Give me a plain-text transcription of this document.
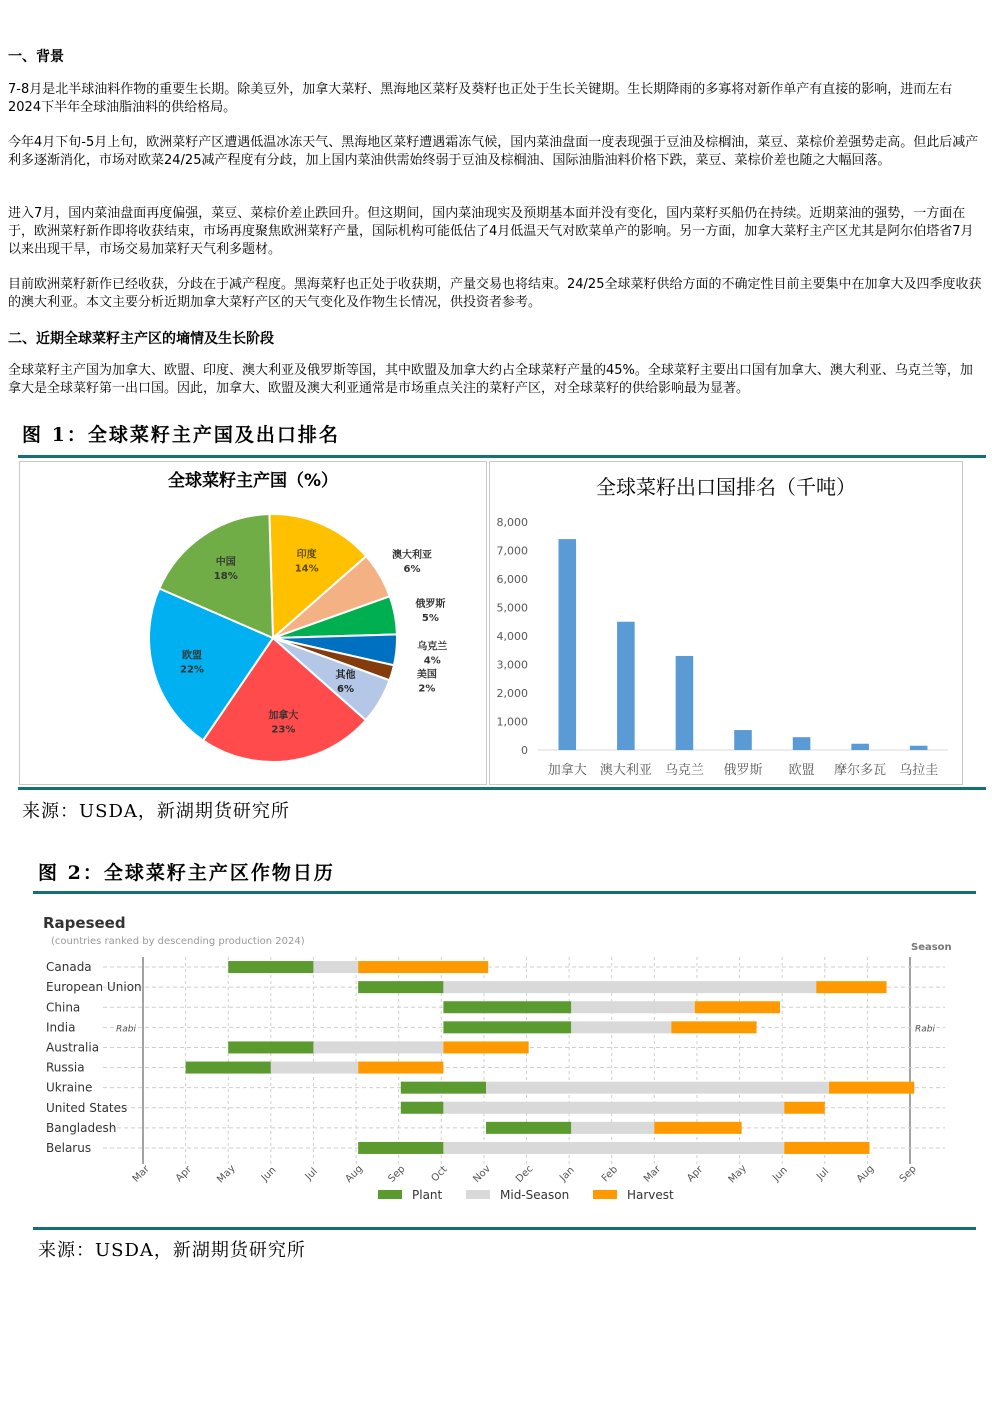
一、背景

7-8月是北半球油料作物的重要生长期。除美豆外，加拿大菜籽、黑海地区菜籽及葵籽也正处于生长关键期。生长期降雨的多寡将对新作单产有直接的影响，进而左右2024下半年全球油脂油料的供给格局。

今年4月下旬-5月上旬，欧洲菜籽产区遭遇低温冰冻天气、黑海地区菜籽遭遇霜冻气候，国内菜油盘面一度表现强于豆油及棕榈油，菜豆、菜棕价差强势走高。但此后减产利多逐渐消化，市场对欧菜24/25减产程度有分歧，加上国内菜油供需始终弱于豆油及棕榈油、国际油脂油料价格下跌，菜豆、菜棕价差也随之大幅回落。

进入7月，国内菜油盘面再度偏强，菜豆、菜棕价差止跌回升。但这期间，国内菜油现实及预期基本面并没有变化，国内菜籽买船仍在持续。近期菜油的强势，一方面在于，欧洲菜籽新作即将收获结束，市场再度聚焦欧洲菜籽产量，国际机构可能低估了4月低温天气对欧菜单产的影响。另一方面，加拿大菜籽主产区尤其是阿尔伯塔省7月以来出现干旱，市场交易加菜籽天气利多题材。

目前欧洲菜籽新作已经收获，分歧在于减产程度。黑海菜籽也正处于收获期，产量交易也将结束。24/25全球菜籽供给方面的不确定性目前主要集中在加拿大及四季度收获的澳大利亚。本文主要分析近期加拿大菜籽产区的天气变化及作物生长情况，供投资者参考。

二、近期全球菜籽主产区的墒情及生长阶段

全球菜籽主产国为加拿大、欧盟、印度、澳大利亚及俄罗斯等国，其中欧盟及加拿大约占全球菜籽产量的45%。全球菜籽主要出口国有加拿大、澳大利亚、乌克兰等，加拿大是全球菜籽第一出口国。因此，加拿大、欧盟及澳大利亚通常是市场重点关注的菜籽产区，对全球菜籽的供给影响最为显著。

图 1：全球菜籽主产国及出口排名
全球菜籽主产国（%）
印度
14%
澳大利亚
6%
俄罗斯
5%
乌克兰
4%
美国
2%
其他
6%
加拿大
23%
欧盟
22%
中国
18%
全球菜籽出口国排名（千吨）
0
1,000
2,000
3,000
4,000
5,000
6,000
7,000
8,000
加拿大 澳大利亚 乌克兰 俄罗斯 欧盟 摩尔多瓦 乌拉圭
来源：USDA，新湖期货研究所
图 2：全球菜籽主产区作物日历
Rapeseed
(countries ranked by descending production 2024)
Season
Canada
European Union
China
India	Rabi	Rabi
Australia
Russia
Ukraine
United States
Bangladesh
Belarus
Mar Apr May Jun	Jul Aug Sep Oct Nov Dec Jan Feb Mar Apr May Jun	Jul Aug Sep
Plant	Mid-Season	Harvest
来源：USDA，新湖期货研究所
